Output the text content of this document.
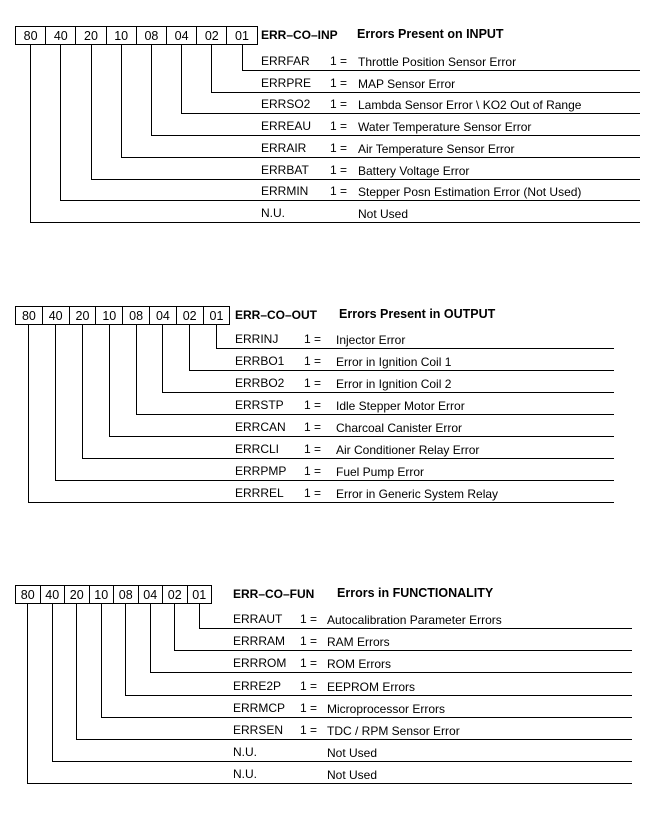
80	40	20	10	08	04	02	01	ERR–CO–INP Errors Present on INPUT
ERRFAR 1 = Throttle Position Sensor Error
ERRPRE 1 = MAP Sensor Error
ERRSO2 1 = Lambda Sensor Error \ KO2 Out of Range
ERREAU 1 = Water Temperature Sensor Error
ERRAIR 1 = Air Temperature Sensor Error
ERRBAT 1 = Battery Voltage Error
ERRMIN 1 = Stepper Posn Estimation Error (Not Used)
N.U.	Not Used
80	40	20	10	08	04	02	01 ERR–CO–OUT Errors Present in OUTPUT
ERRINJ 1 = Injector Error
ERRBO1 1 = Error in Ignition Coil 1
ERRBO2 1 = Error in Ignition Coil 2
ERRSTP 1 = Idle Stepper Motor Error
ERRCAN 1 = Charcoal Canister Error
ERRCLI 1 = Air Conditioner Relay Error
ERRPMP 1 = Fuel Pump Error
ERRREL 1 = Error in Generic System Relay
80 40 20 10 08 04 02 01	ERR–CO–FUN Errors in FUNCTIONALITY
ERRAUT 1 = Autocalibration Parameter Errors
ERRRAM 1 = RAM Errors
ERRROM 1 = ROM Errors
ERRE2P 1 = EEPROM Errors
ERRMCP 1 = Microprocessor Errors
ERRSEN 1 = TDC / RPM Sensor Error
N.U.	Not Used
N.U.	Not Used
